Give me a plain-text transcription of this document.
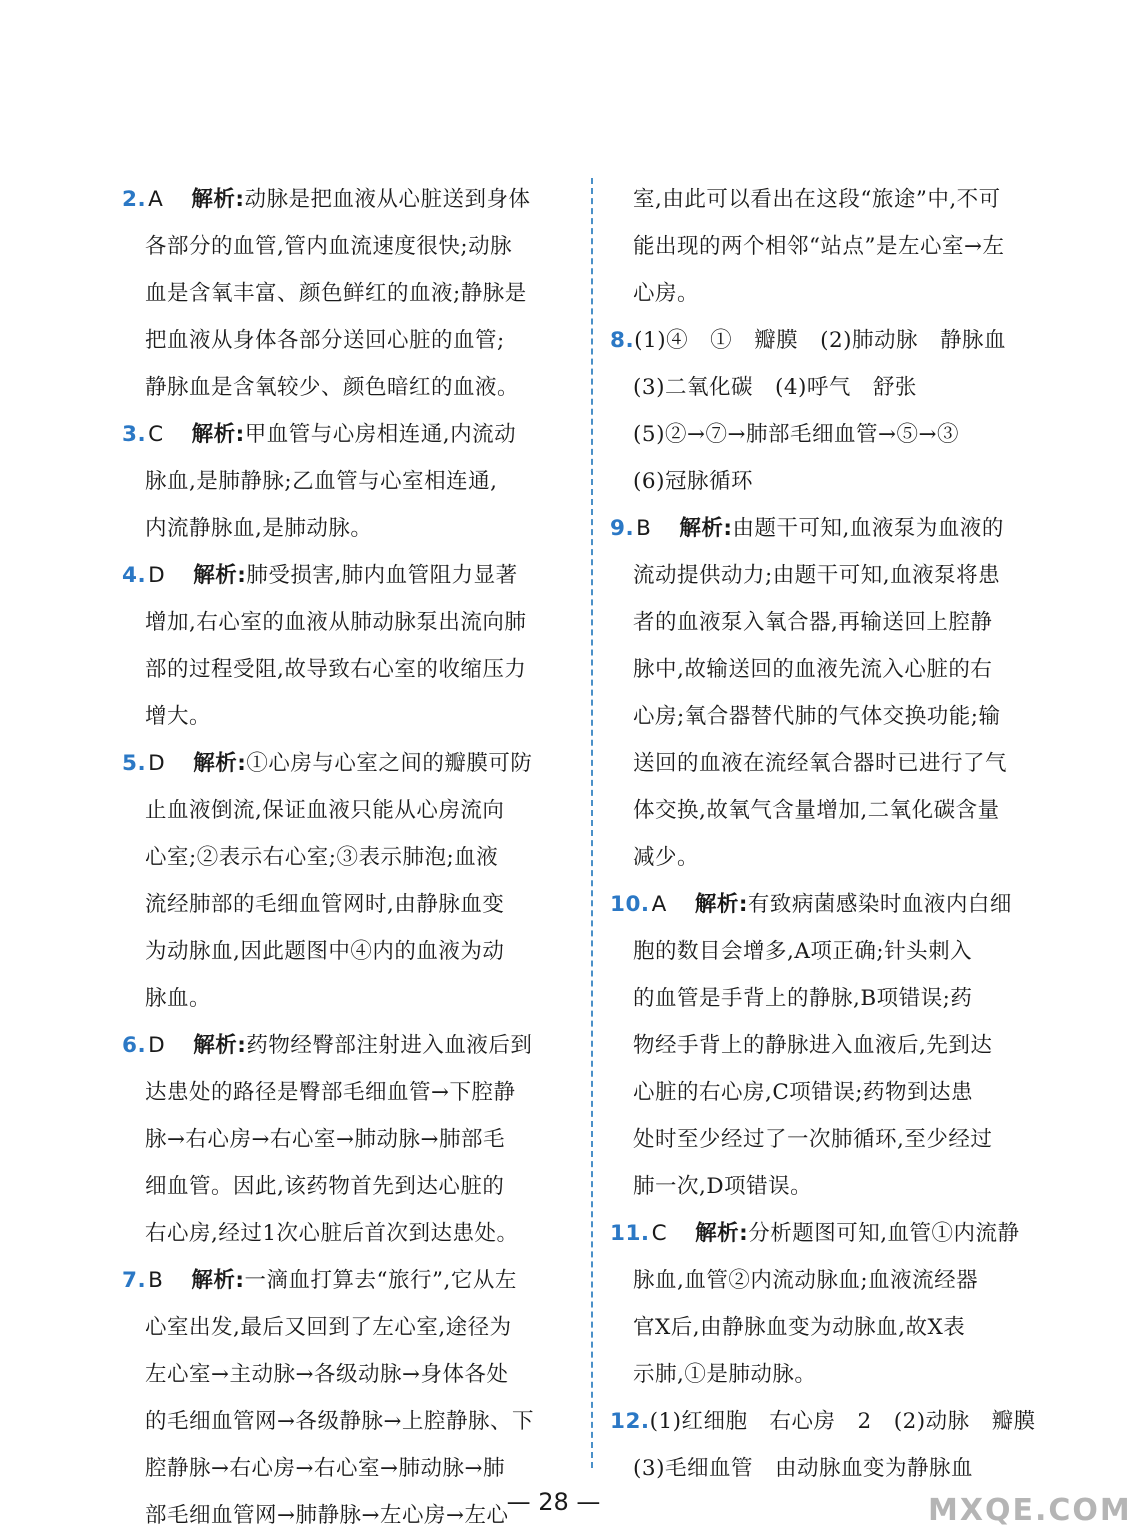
2.A 解析:动脉是把血液从心脏送到身体
各部分的血管,管内血流速度很快;动脉
血是含氧丰富、颜色鲜红的血液;静脉是
把血液从身体各部分送回心脏的血管;
静脉血是含氧较少、颜色暗红的血液。
3.C 解析:甲血管与心房相连通,内流动
脉血,是肺静脉;乙血管与心室相连通,
内流静脉血,是肺动脉。
4.D 解析:肺受损害,肺内血管阻力显著
增加,右心室的血液从肺动脉泵出流向肺
部的过程受阻,故导致右心室的收缩压力
增大。
5.D 解析:①心房与心室之间的瓣膜可防
止血液倒流,保证血液只能从心房流向
心室;②表示右心室;③表示肺泡;血液
流经肺部的毛细血管网时,由静脉血变
为动脉血,因此题图中④内的血液为动
脉血。
6.D 解析:药物经臀部注射进入血液后到
达患处的路径是臀部毛细血管→下腔静
脉→右心房→右心室→肺动脉→肺部毛
细血管。因此,该药物首先到达心脏的
右心房,经过1次心脏后首次到达患处。
7.B 解析:一滴血打算去“旅行”,它从左
心室出发,最后又回到了左心室,途径为
左心室→主动脉→各级动脉→身体各处
的毛细血管网→各级静脉→上腔静脉、下
腔静脉→右心房→右心室→肺动脉→肺
部毛细血管网→肺静脉→左心房→左心
室,由此可以看出在这段“旅途”中,不可
能出现的两个相邻“站点”是左心室→左
心房。
8.(1)④　①　瓣膜　(2)肺动脉　静脉血
(3)二氧化碳　(4)呼气　舒张
(5)②→⑦→肺部毛细血管→⑤→③
(6)冠脉循环
9.B 解析:由题干可知,血液泵为血液的
流动提供动力;由题干可知,血液泵将患
者的血液泵入氧合器,再输送回上腔静
脉中,故输送回的血液先流入心脏的右
心房;氧合器替代肺的气体交换功能;输
送回的血液在流经氧合器时已进行了气
体交换,故氧气含量增加,二氧化碳含量
减少。
10.A 解析:有致病菌感染时血液内白细
胞的数目会增多,A项正确;针头刺入
的血管是手背上的静脉,B项错误;药
物经手背上的静脉进入血液后,先到达
心脏的右心房,C项错误;药物到达患
处时至少经过了一次肺循环,至少经过
肺一次,D项错误。
11.C 解析:分析题图可知,血管①内流静
脉血,血管②内流动脉血;血液流经器
官X后,由静脉血变为动脉血,故X表
示肺,①是肺动脉。
12.(1)红细胞　右心房　2　(2)动脉　瓣膜
(3)毛细血管　由动脉血变为静脉血
— 28 —	MXQE.COM
